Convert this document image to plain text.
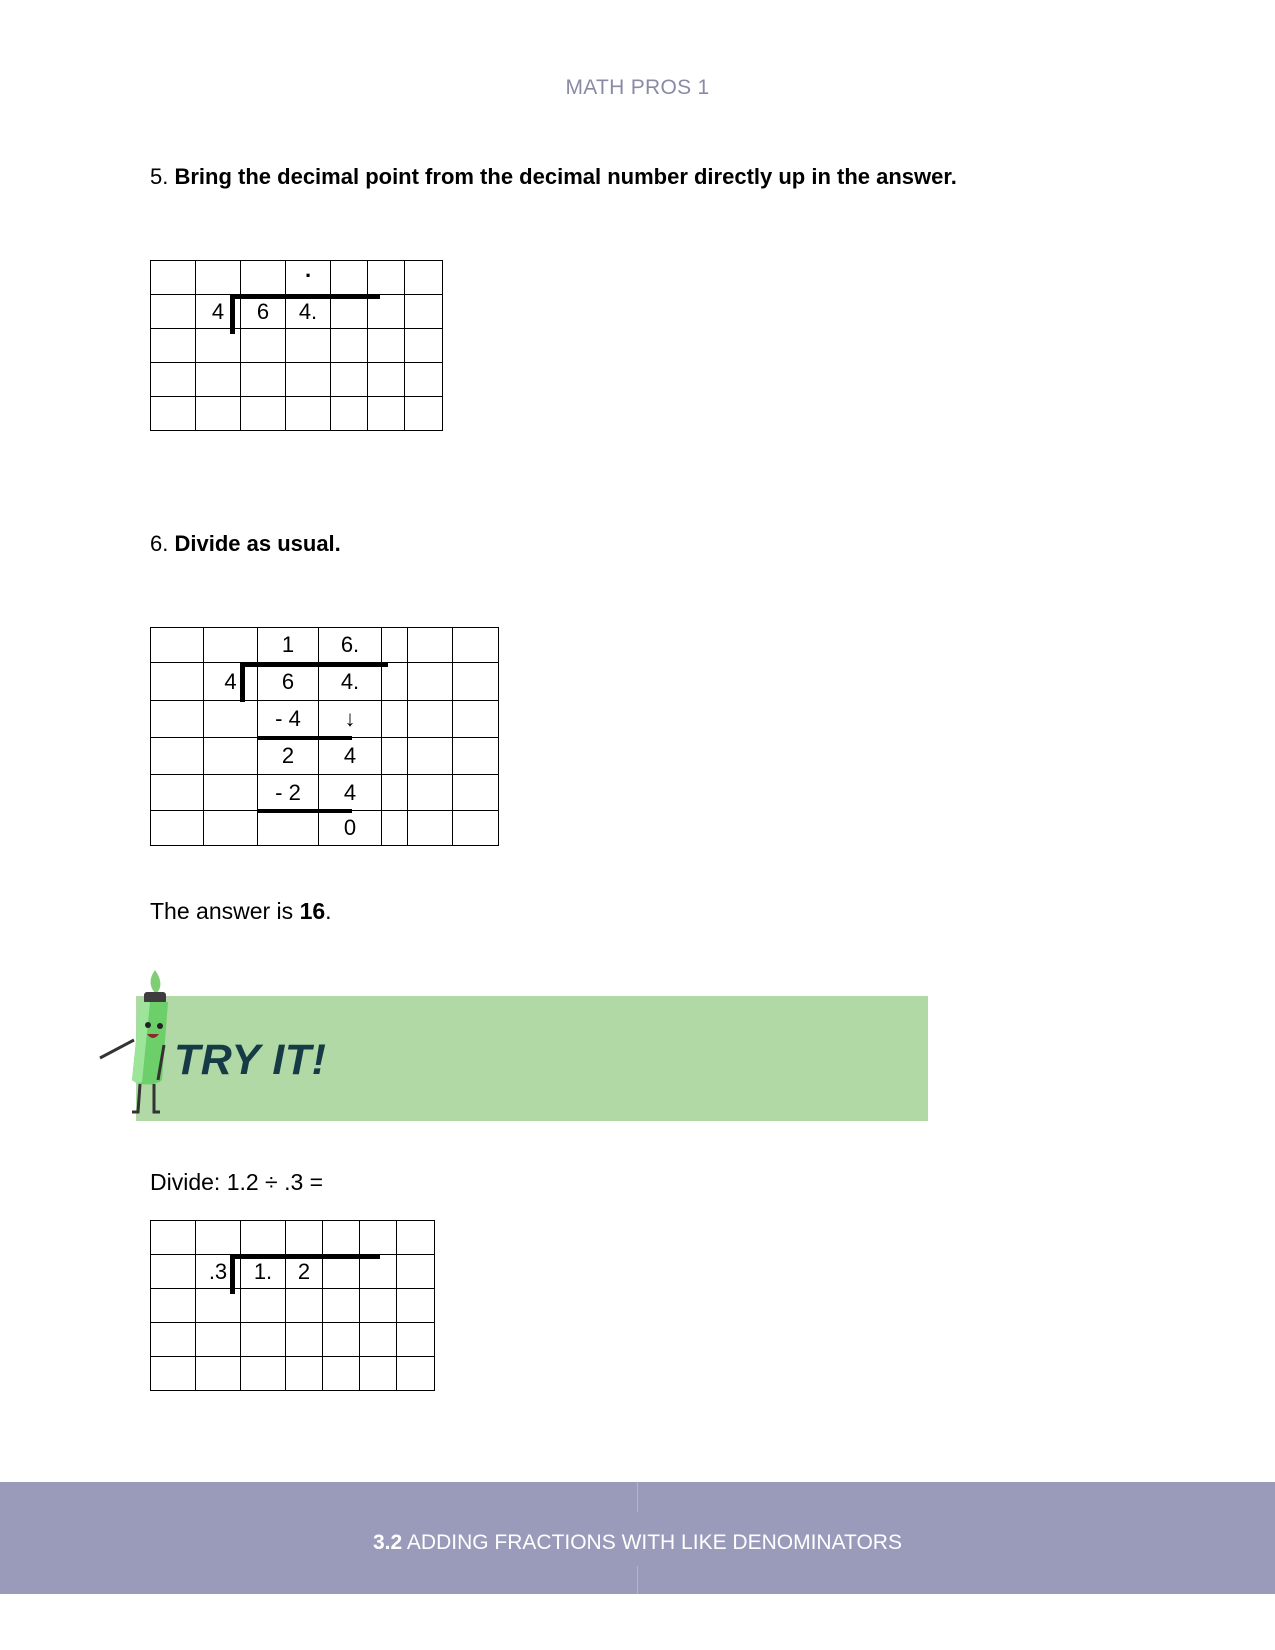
MATH PROS 1
5. Bring the decimal point from the decimal number directly up in the answer.
			.			
	4	6	4.			

6. Divide as usual.
		1	6.			
	4	6	4.			
		- 4	↓			
		2	4			
		- 2	4			
			0			
The answer is 16.
TRY IT!
Divide: 1.2 ÷ .3 =

	.3	1.	2			

3.2 ADDING FRACTIONS WITH LIKE DENOMINATORS
